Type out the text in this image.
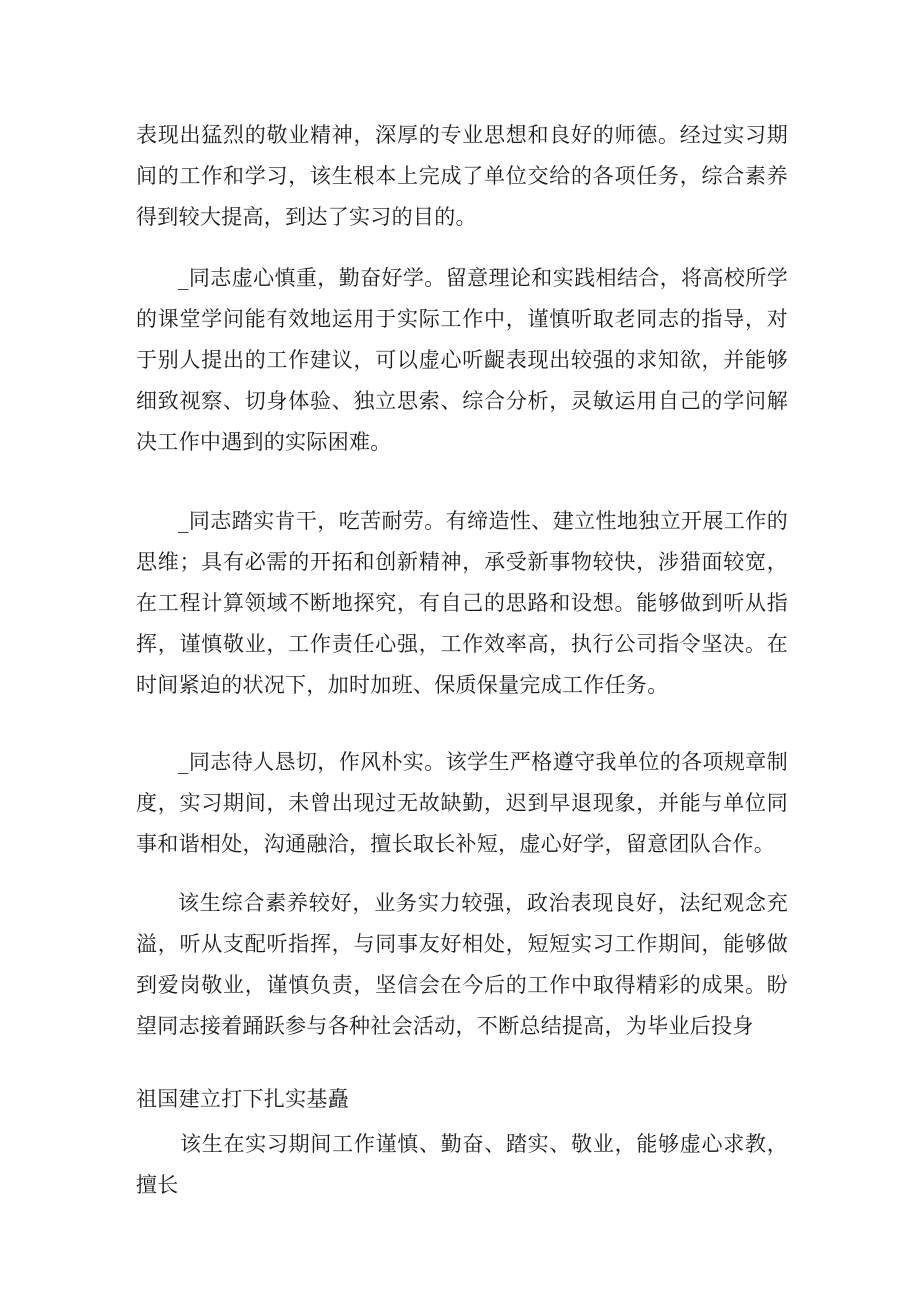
表现出猛烈的敬业精神，深厚的专业思想和良好的师德。经过实习期间的工作和学习，该生根本上完成了单位交给的各项任务，综合素养得到较大提高，到达了实习的目的。

_同志虚心慎重，勤奋好学。留意理论和实践相结合，将高校所学的课堂学问能有效地运用于实际工作中，谨慎听取老同志的指导，对于别人提出的工作建议，可以虚心听齪表现出较强的求知欲，并能够细致视察、切身体验、独立思索、综合分析，灵敏运用自己的学问解决工作中遇到的实际困难。

_同志踏实肯干，吃苦耐劳。有缔造性、建立性地独立开展工作的思维；具有必需的开拓和创新精神，承受新事物较快，涉猎面较宽，在工程计算领域不断地探究，有自己的思路和设想。能够做到听从指挥，谨慎敬业，工作责任心强，工作效率高，执行公司指令坚决。在时间紧迫的状况下，加时加班、保质保量完成工作任务。

_同志待人恳切，作风朴实。该学生严格遵守我单位的各项规章制度，实习期间，未曾出现过无故缺勤，迟到早退现象，并能与单位同事和谐相处，沟通融洽，擅长取长补短，虚心好学，留意团队合作。

该生综合素养较好，业务实力较强，政治表现良好，法纪观念充溢，听从支配听指挥，与同事友好相处，短短实习工作期间，能够做到爱岗敬业，谨慎负责，坚信会在今后的工作中取得精彩的成果。盼望同志接着踊跃参与各种社会活动，不断总结提高，为毕业后投身

祖国建立打下扎实基矗

该生在实习期间工作谨慎、勤奋、踏实、敬业，能够虚心求教，擅长
